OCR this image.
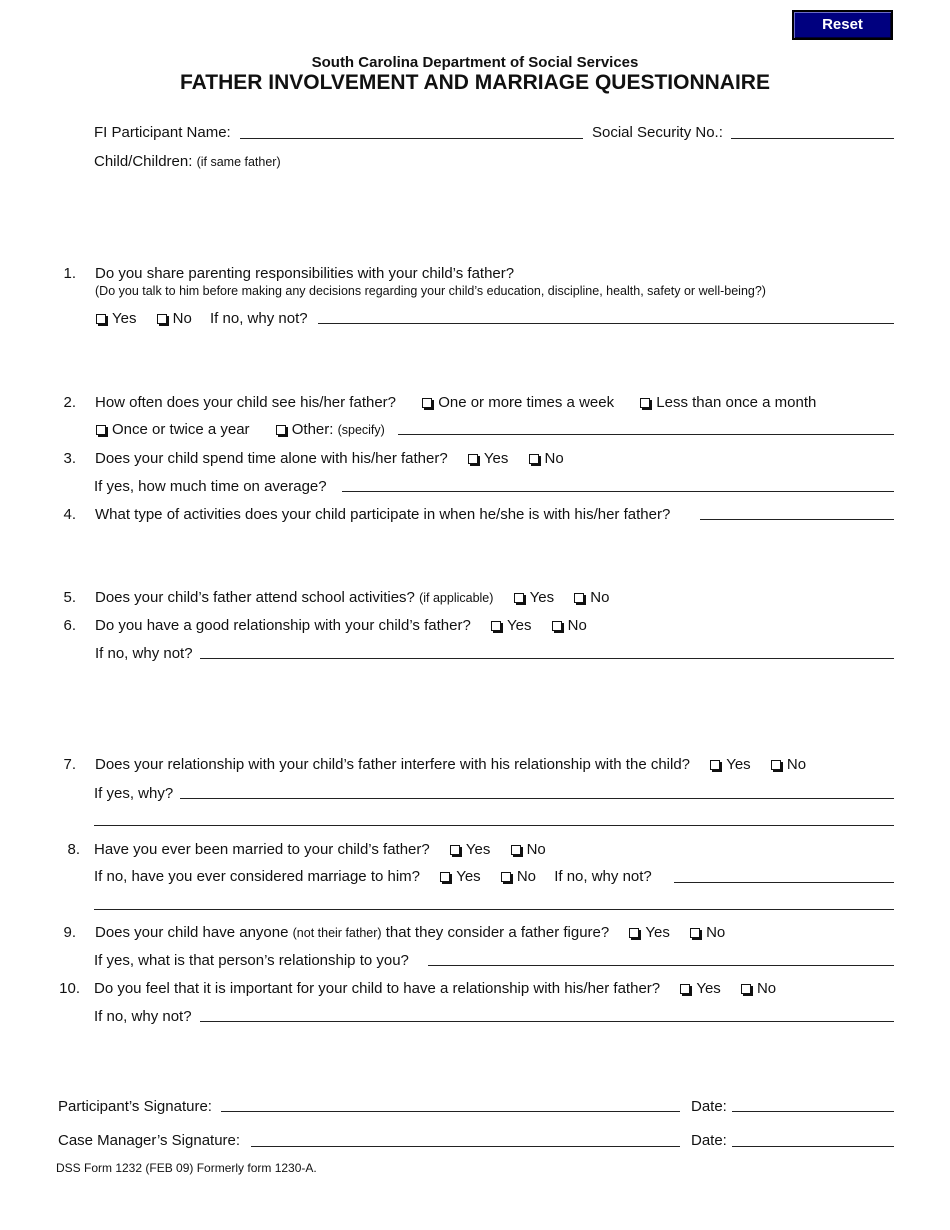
Reset
South Carolina Department of Social Services
FATHER INVOLVEMENT AND MARRIAGE QUESTIONNAIRE
FI Participant Name:	Social Security No.:
Child/Children: (if same father)
1. Do you share parenting responsibilities with your child’s father?
(Do you talk to him before making any decisions regarding your child’s education, discipline, health, safety or well-being?)
Yes No If no, why not?
2. How often does your child see his/her father?	One or more times a week	Less than once a month
Once or twice a year	Other: (specify)
3. Does your child spend time alone with his/her father? Yes No
If yes, how much time on average?
4. What type of activities does your child participate in when he/she is with his/her father?
5. Does your child’s father attend school activities? (if applicable) Yes No
6. Do you have a good relationship with your child’s father? Yes No
If no, why not?
7. Does your relationship with your child’s father interfere with his relationship with the child? Yes No
If yes, why?
8. Have you ever been married to your child’s father? Yes No
If no, have you ever considered marriage to him? Yes No If no, why not?
9. Does your child have anyone (not their father) that they consider a father figure? Yes No
If yes, what is that person’s relationship to you?
10. Do you feel that it is important for your child to have a relationship with his/her father? Yes No
If no, why not?
Participant’s Signature:	Date:
Case Manager’s Signature:	Date:
DSS Form 1232 (FEB 09) Formerly form 1230-A.
